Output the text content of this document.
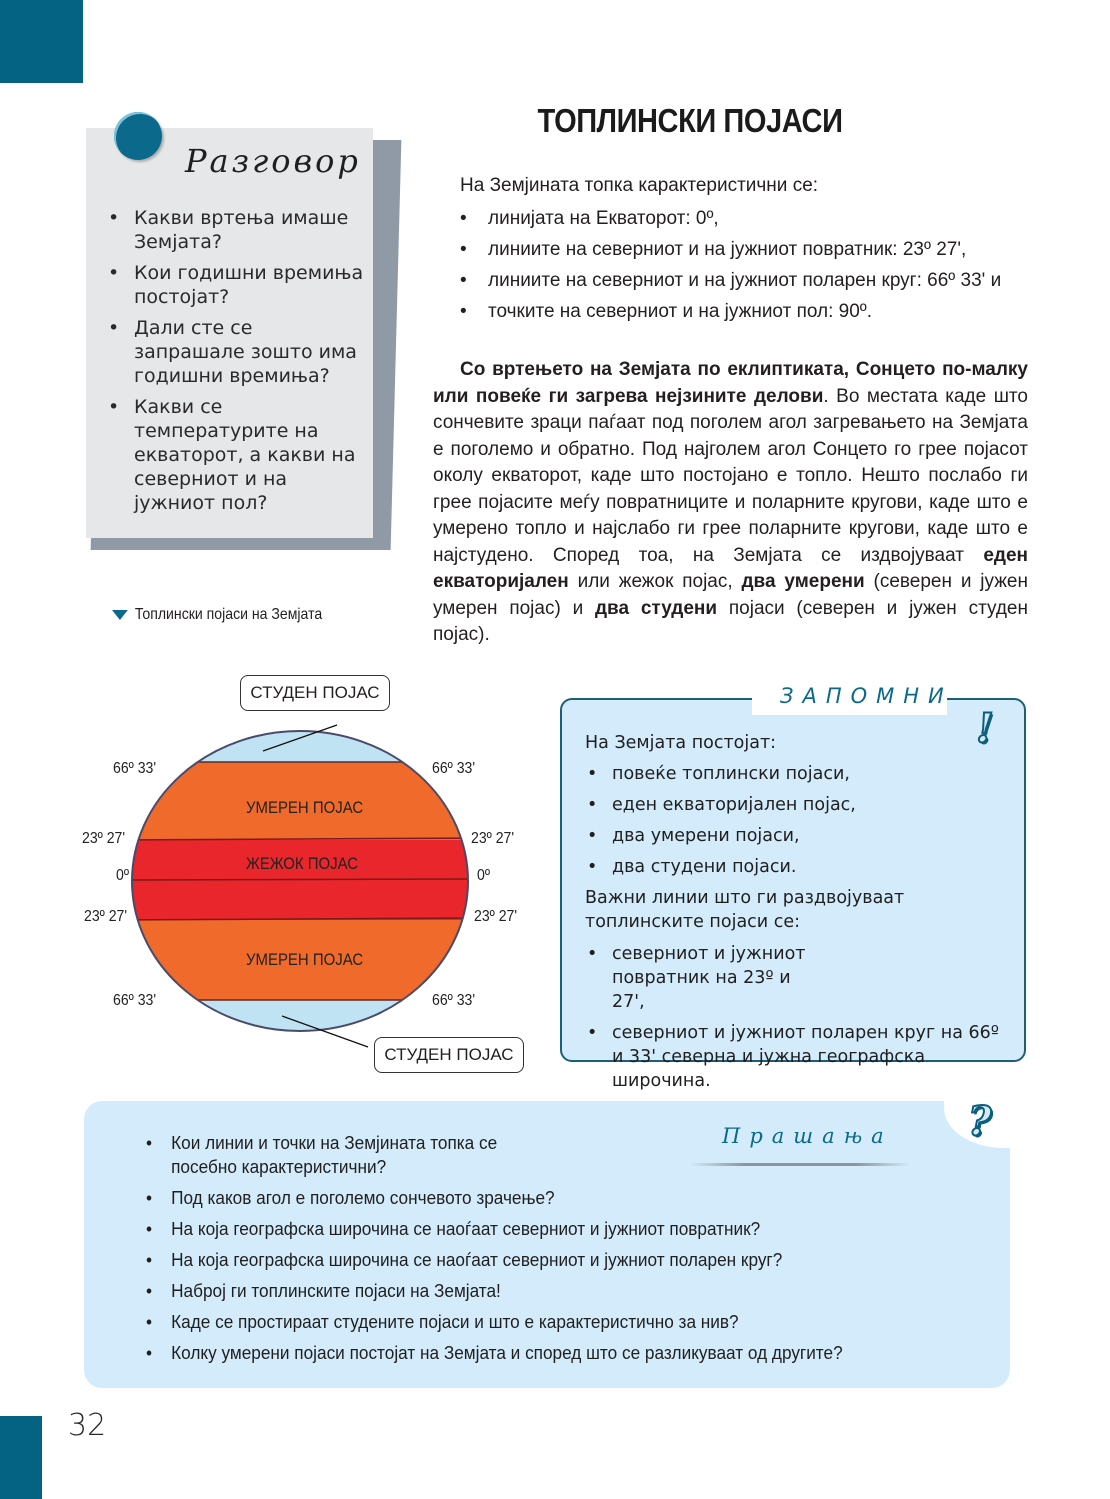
32
Разговор
• Какви вртења имаше Земјата?
• Кои годишни времиња постојат?
• Дали сте се запрашале зошто има годишни времиња?
• Какви се температурите на екваторот, а какви на северниот и на јужниот пол?
ТОПЛИНСКИ ПОЈАСИ
На Земјината топка карактеристични се:
• линијата на Екваторот: 0º,
• линиите на северниот и на јужниот повратник: 23º 27',
• линиите на северниот и на јужниот поларен круг: 66º 33' и
• точките на северниот и на јужниот пол: 90º.

Со вртењето на Земјата по еклиптиката, Сонцето по-малку или повеќе ги загрева нејзините делови. Во местата каде што сончевите зраци паѓаат под поголем агол загревањето на Земјата е поголемо и обратно. Под најголем агол Сонцето го грее појасот околу екваторот, каде што постојано е топло. Нешто послабо ги грее појасите меѓу повратниците и поларните кругови, каде што е умерено топло и најслабо ги грее поларните кругови, каде што е најстудено. Според тоа, на Земјата се издвојуваат еден екваторијален или жежок појас, два умерени (северен и јужен умерен појас) и два студени појаси (северен и јужен студен појас).

Топлински појаси на Земјата
СТУДЕН ПОЈАС
СТУДЕН ПОЈАС
УМЕРЕН ПОЈАС
ЖЕЖОК ПОЈАС
УМЕРЕН ПОЈАС
66º 33'	66º 33'
23º 27'	23º 27'
0º	0º
23º 27'	23º 27'
66º 33'	66º 33'
ЗАПОМНИ
!
На Земјата постојат:
• повеќе топлински појаси,
• еден екваторијален појас,
• два умерени појаси,
• два студени појаси.
Важни линии што ги раздвојуваат топлинските појаси се:
• северниот и јужниот повратник на 23º и 27',
• северниот и јужниот поларен круг на 66º и 33' северна и јужна географска широчина.
Прашања ?
• Кои линии и точки на Земјината топка се посебно карактеристични?
• Под каков агол е поголемо сончевото зрачење?
• На која географска широчина се наоѓаат северниот и јужниот повратник?
• На која географска широчина се наоѓаат северниот и јужниот поларен круг?
• Наброј ги топлинските појаси на Земјата!
• Каде се простираат студените појаси и што е карактеристично за нив?
• Колку умерени појаси постојат на Земјата и според што се разликуваат од другите?
